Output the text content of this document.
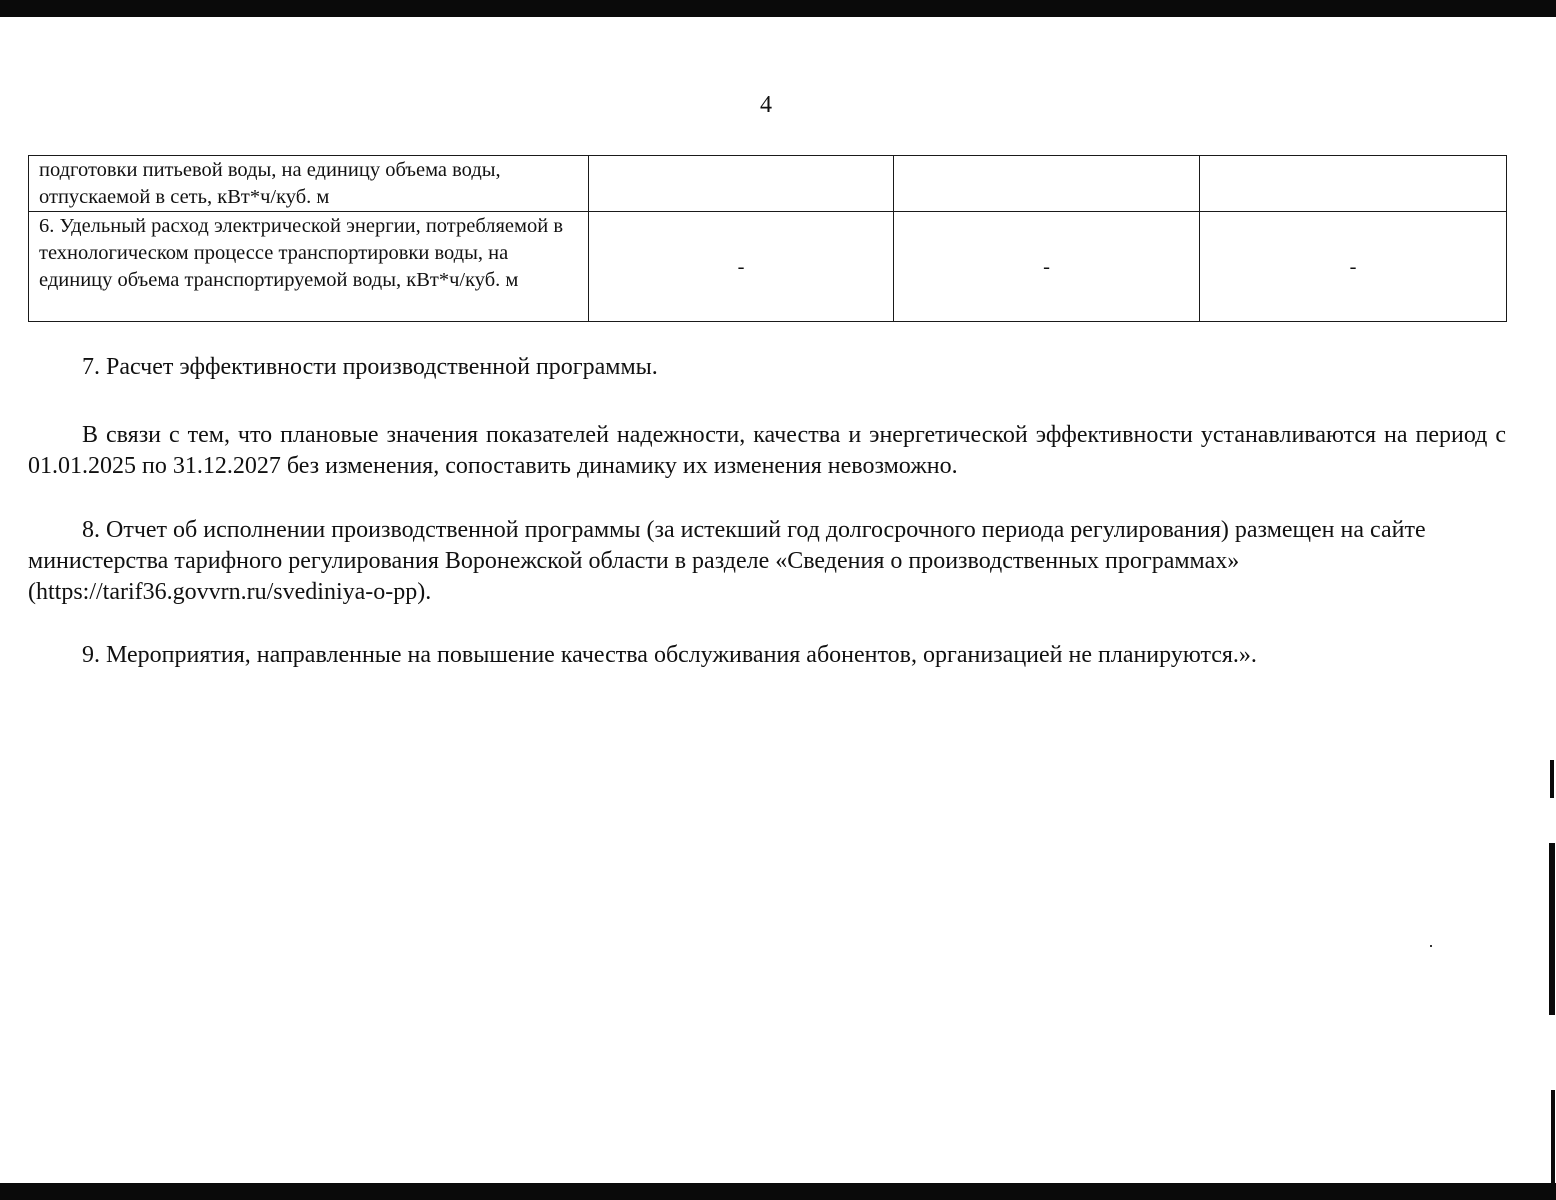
4
подготовки питьевой воды, на единицу объема воды, отпускаемой в сеть, кВт*ч/куб. м			
6. Удельный расход электрической энергии, потребляемой в технологическом процессе транспортировки воды, на единицу объема транспортируемой воды, кВт*ч/куб. м	-	-	-

7. Расчет эффективности производственной программы.

В связи с тем, что плановые значения показателей надежности, качества и энергетической эффективности устанавливаются на период с 01.01.2025 по 31.12.2027 без изменения, сопоставить динамику их изменения невозможно.

8. Отчет об исполнении производственной программы (за истекший год долгосрочного периода регулирования) размещен на сайте министерства тарифного регулирования Воронежской области в разделе «Сведения о производственных программах» (https://tarif36.govvrn.ru/svediniya-o-pp).

9. Мероприятия, направленные на повышение качества обслуживания абонентов, организацией не планируются.».
